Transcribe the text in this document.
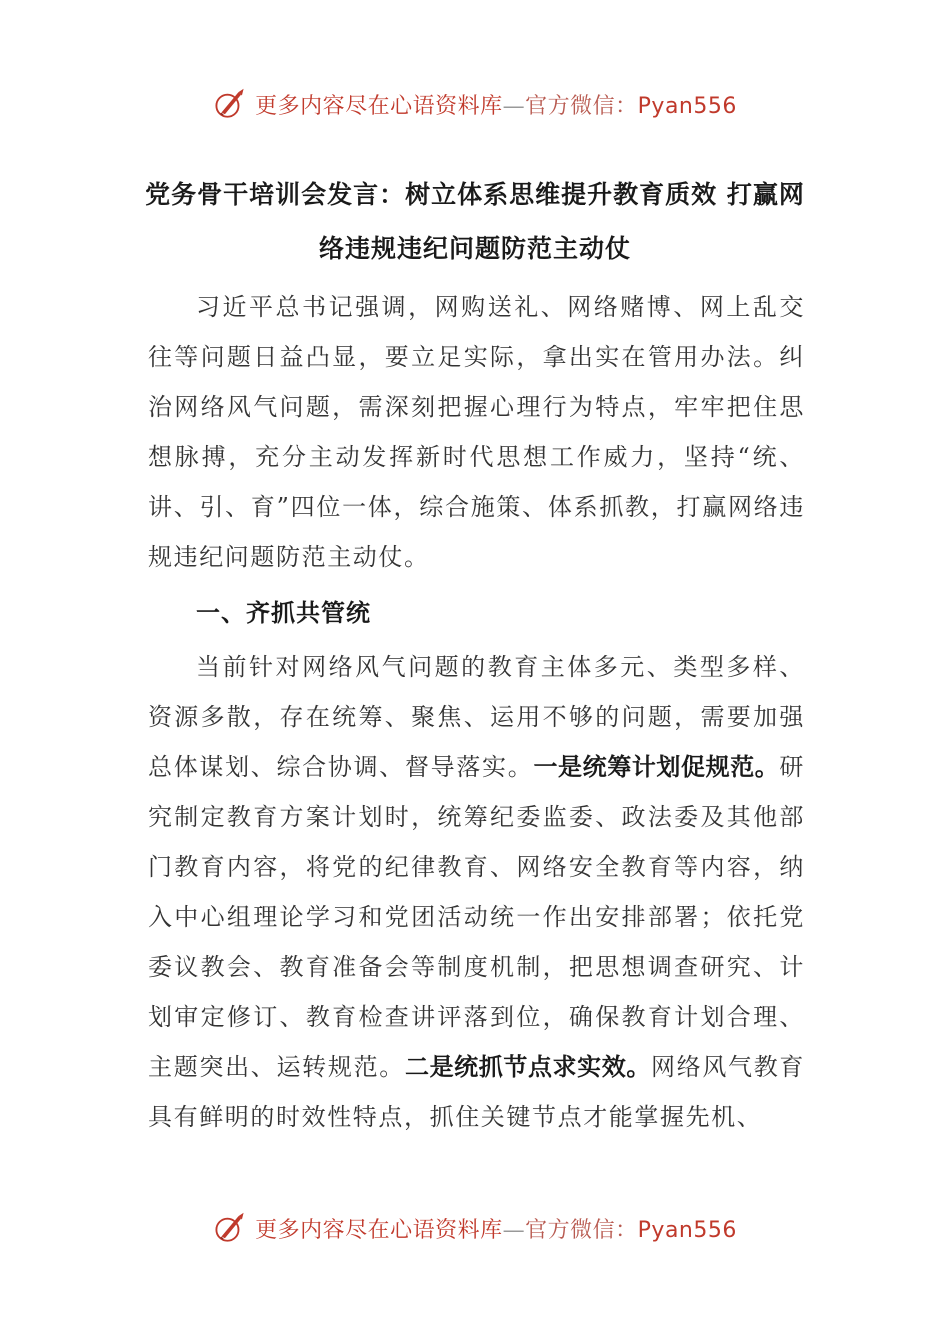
更多内容尽在心语资料库—官方微信：Pyan556
党务骨干培训会发言：树立体系思维提升教育质效 打赢网
络违规违纪问题防范主动仗

习近平总书记强调，网购送礼、网络赌博、网上乱交往等问题日益凸显，要立足实际，拿出实在管用办法。纠治网络风气问题，需深刻把握心理行为特点，牢牢把住思想脉搏，充分主动发挥新时代思想工作威力，坚持“统、讲、引、育”四位一体，综合施策、体系抓教，打赢网络违规违纪问题防范主动仗。

一、齐抓共管统

当前针对网络风气问题的教育主体多元、类型多样、资源多散，存在统筹、聚焦、运用不够的问题，需要加强总体谋划、综合协调、督导落实。一是统筹计划促规范。研究制定教育方案计划时，统筹纪委监委、政法委及其他部门教育内容，将党的纪律教育、网络安全教育等内容，纳入中心组理论学习和党团活动统一作出安排部署；依托党委议教会、教育准备会等制度机制，把思想调查研究、计划审定修订、教育检查讲评落到位，确保教育计划合理、主题突出、运转规范。二是统抓节点求实效。网络风气教育具有鲜明的时效性特点，抓住关键节点才能掌握先机、

更多内容尽在心语资料库—官方微信：Pyan556
